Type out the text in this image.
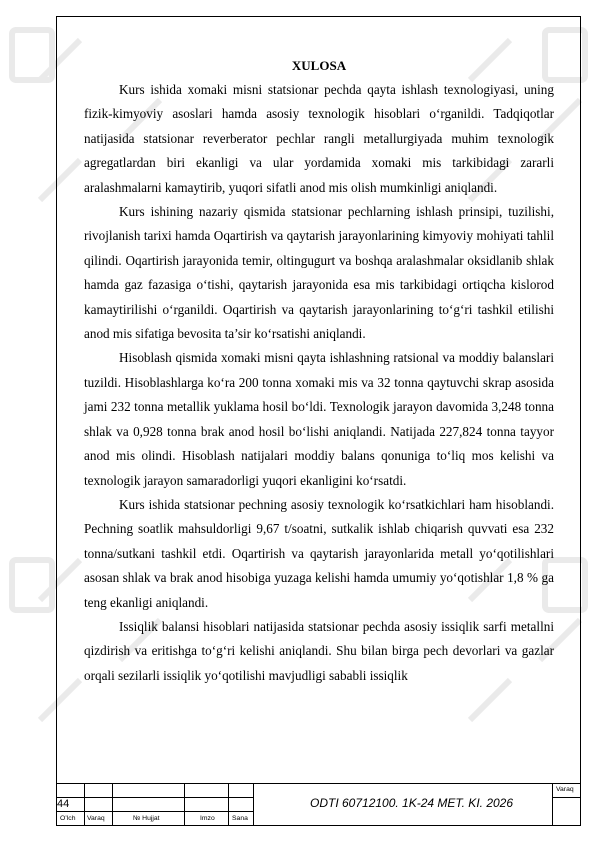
XULOSA

Kurs ishida xomaki misni statsionar pechda qayta ishlash texnologiyasi, uning fizik-kimyoviy asoslari hamda asosiy texnologik hisoblari o‘rganildi. Tadqiqotlar natijasida statsionar reverberator pechlar rangli metallurgiyada muhim texnologik agregatlardan biri ekanligi va ular yordamida xomaki mis tarkibidagi zararli aralashmalarni kamaytirib, yuqori sifatli anod mis olish mumkinligi aniqlandi.

Kurs ishining nazariy qismida statsionar pechlarning ishlash prinsipi, tuzilishi, rivojlanish tarixi hamda Oqartirish va qaytarish jarayonlarining kimyoviy mohiyati tahlil qilindi. Oqartirish jarayonida temir, oltingugurt va boshqa aralashmalar oksidlanib shlak hamda gaz fazasiga o‘tishi, qaytarish jarayonida esa mis tarkibidagi ortiqcha kislorod kamaytirilishi o‘rganildi. Oqartirish va qaytarish jarayonlarining to‘g‘ri tashkil etilishi anod mis sifatiga bevosita ta’sir ko‘rsatishi aniqlandi.

Hisoblash qismida xomaki misni qayta ishlashning ratsional va moddiy balanslari tuzildi. Hisoblashlarga ko‘ra 200 tonna xomaki mis va 32 tonna qaytuvchi skrap asosida jami 232 tonna metallik yuklama hosil bo‘ldi. Texnologik jarayon davomida 3,248 tonna shlak va 0,928 tonna brak anod hosil bo‘lishi aniqlandi. Natijada 227,824 tonna tayyor anod mis olindi. Hisoblash natijalari moddiy balans qonuniga to‘liq mos kelishi va texnologik jarayon samaradorligi yuqori ekanligini ko‘rsatdi.

Kurs ishida statsionar pechning asosiy texnologik ko‘rsatkichlari ham hisoblandi. Pechning soatlik mahsuldorligi 9,67 t/soatni, sutkalik ishlab chiqarish quvvati esa 232 tonna/sutkani tashkil etdi. Oqartirish va qaytarish jarayonlarida metall yo‘qotilishlari asosan shlak va brak anod hisobiga yuzaga kelishi hamda umumiy yo‘qotishlar 1,8 % ga teng ekanligi aniqlandi.

Issiqlik balansi hisoblari natijasida statsionar pechda asosiy issiqlik sarfi metallni qizdirish va eritishga to‘g‘ri kelishi aniqlandi. Shu bilan birga pech devorlari va gazlar orqali sezilarli issiqlik yo‘qotilishi mavjudligi sababli issiqlik

44	ODTI 60712100. 1K-24 MET. KI. 2026
Varaq
O’lch Varaq	№ Hujjat	Imzo	Sana
